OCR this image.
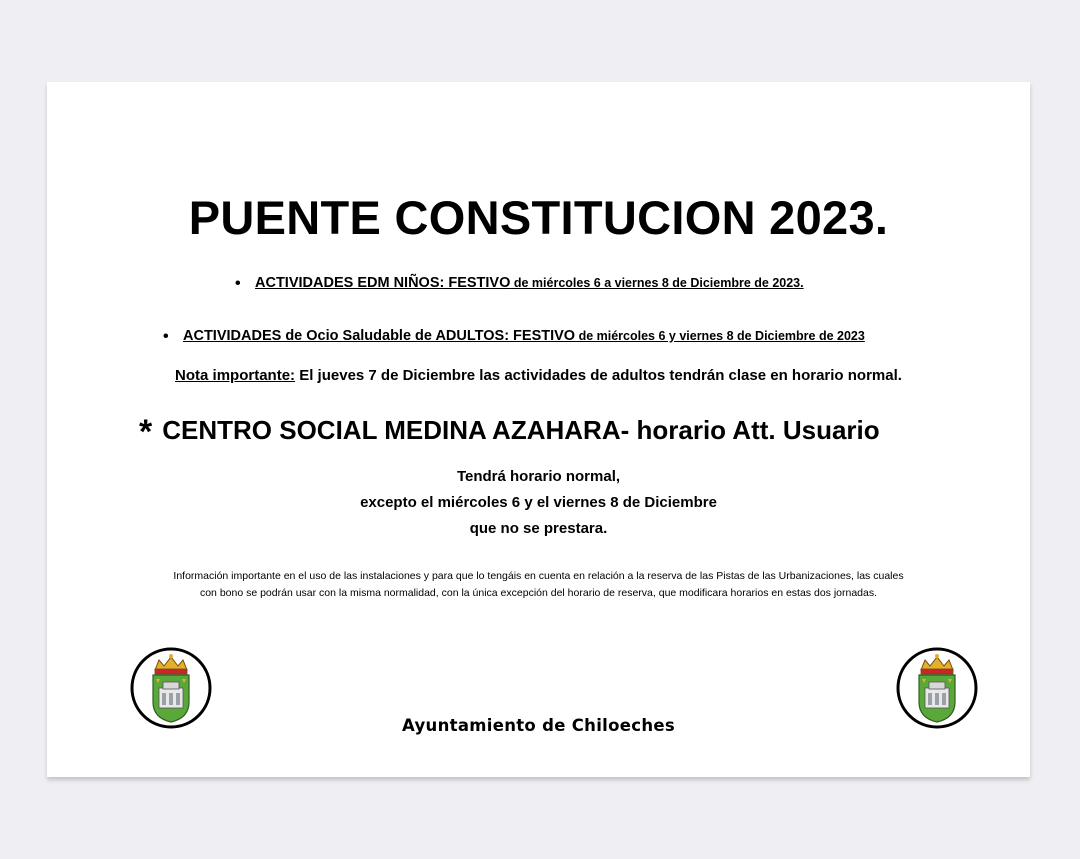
PUENTE CONSTITUCION 2023.
• ACTIVIDADES EDM NIÑOS: FESTIVO de miércoles 6 a viernes 8 de Diciembre de 2023.
• ACTIVIDADES de Ocio Saludable de ADULTOS: FESTIVO de miércoles 6 y viernes 8 de Diciembre de 2023
Nota importante: El jueves 7 de Diciembre las actividades de adultos tendrán clase en horario normal.
* CENTRO SOCIAL MEDINA AZAHARA- horario Att. Usuario
Tendrá horario normal,
excepto el miércoles 6 y el viernes 8 de Diciembre
que no se prestara.
Información importante en el uso de las instalaciones y para que lo tengáis en cuenta en relación a la reserva de las Pistas de las Urbanizaciones, las cuales
con bono se podrán usar con la misma normalidad, con la única excepción del horario de reserva, que modificara horarios en estas dos jornadas.
Ayuntamiento de Chiloeches
